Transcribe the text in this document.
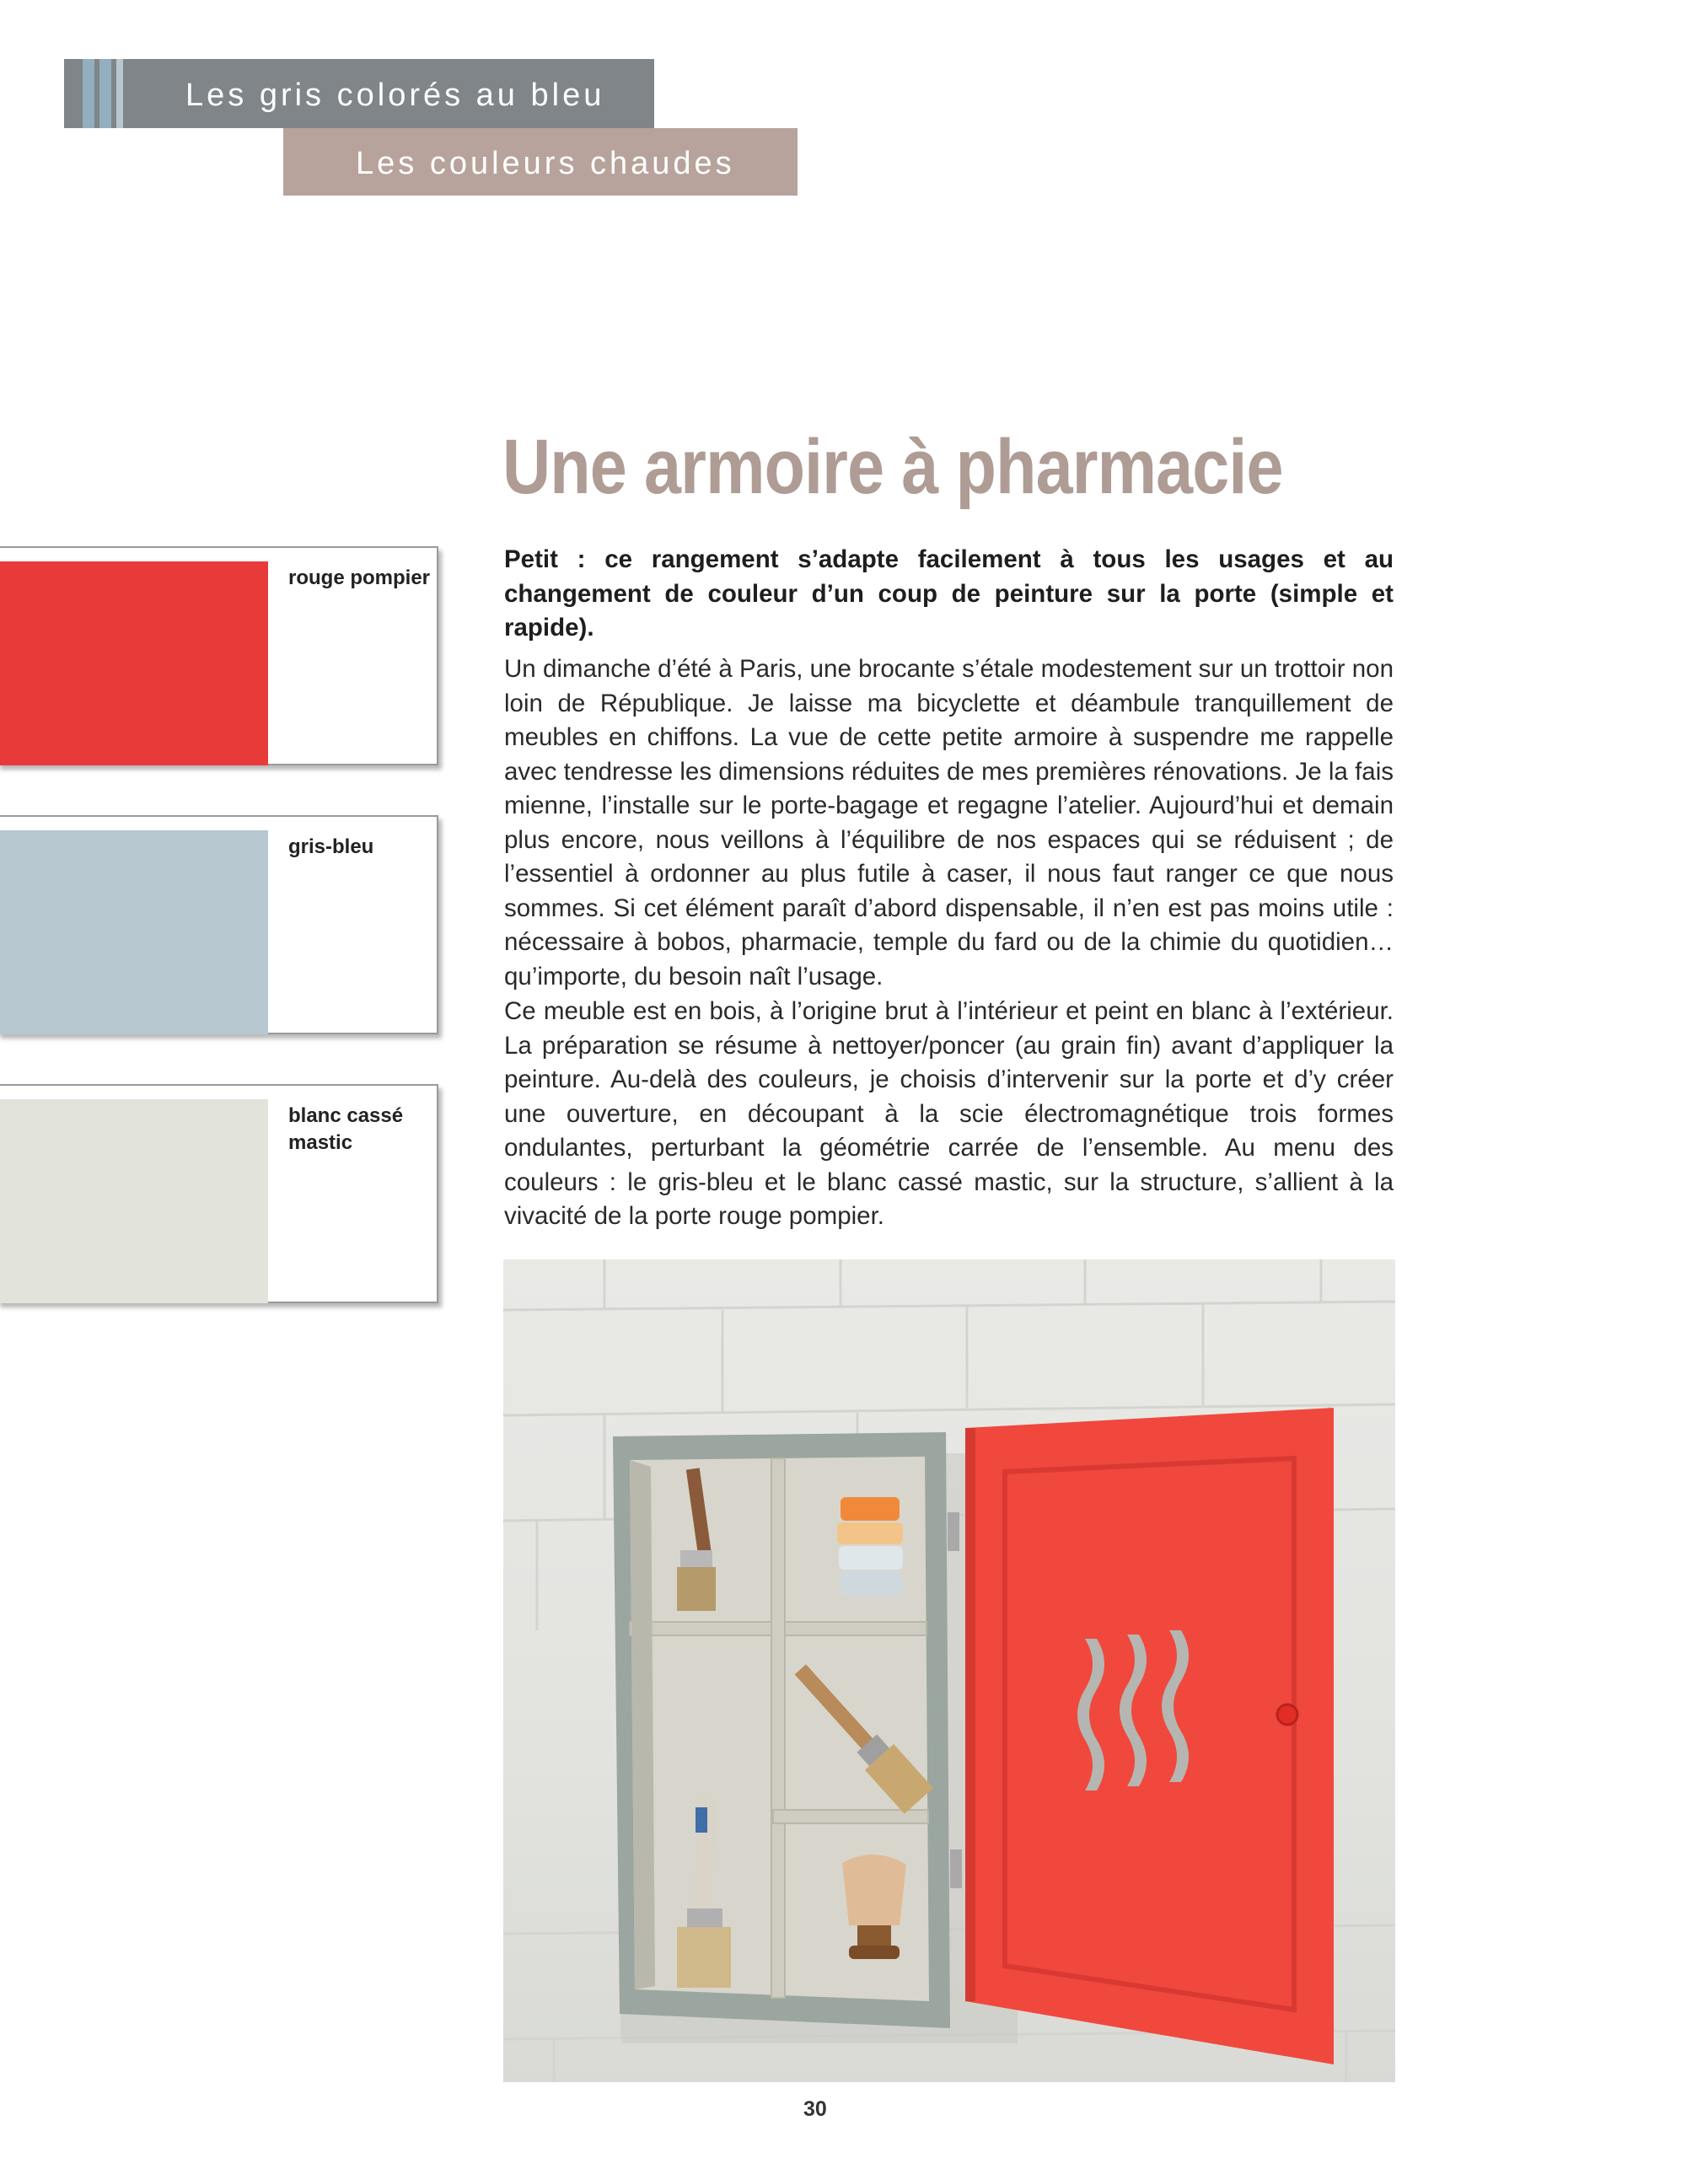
Les gris colorés au bleu
Les couleurs chaudes
Une armoire à pharmacie

Petit : ce rangement s’adapte facilement à tous les usages et au changement de couleur d’un coup de peinture sur la porte (simple et rapide).

Un dimanche d’été à Paris, une brocante s’étale modestement sur un trottoir non loin de République. Je laisse ma bicyclette et déambule tranquillement de meubles en chiffons. La vue de cette petite armoire à suspendre me rappelle avec tendresse les dimensions réduites de mes premières rénovations. Je la fais mienne, l’installe sur le porte-bagage et regagne l’atelier. Aujourd’hui et demain plus encore, nous veillons à l’équilibre de nos espaces qui se réduisent ; de l’essentiel à ordonner au plus futile à caser, il nous faut ranger ce que nous sommes. Si cet élément paraît d’abord dispensable, il n’en est pas moins utile : nécessaire à bobos, pharmacie, temple du fard ou de la chimie du quotidien… qu’importe, du besoin naît l’usage.

Ce meuble est en bois, à l’origine brut à l’intérieur et peint en blanc à l’extérieur. La préparation se résume à nettoyer/poncer (au grain fin) avant d’appliquer la peinture. Au-delà des couleurs, je choisis d’intervenir sur la porte et d’y créer une ouverture, en découpant à la scie électromagnétique trois formes ondulantes, perturbant la géométrie carrée de l’ensemble. Au menu des couleurs : le gris-bleu et le blanc cassé mastic, sur la structure, s’allient à la vivacité de la porte rouge pompier.

rouge pompier
gris-bleu
blanc cassé mastic
30
